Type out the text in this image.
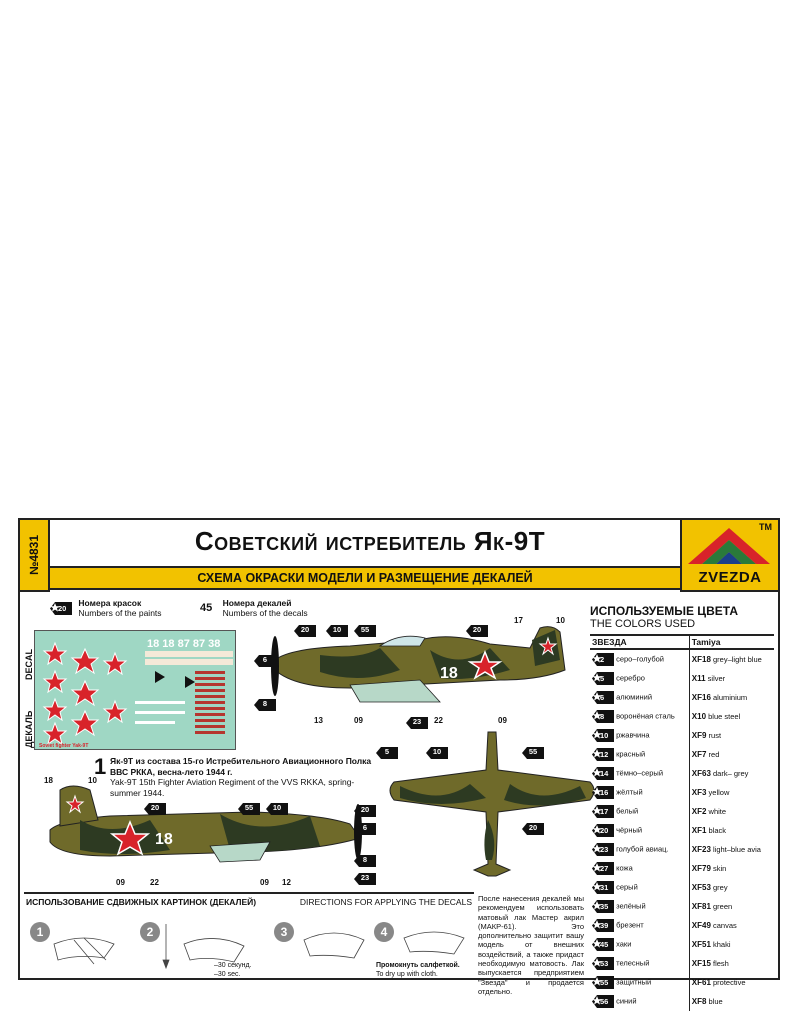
№4831	Советский истребитель Як-9Т
СХЕМА ОКРАСКИ МОДЕЛИ И РАЗМЕЩЕНИЕ ДЕКАЛЕЙ
TM
ZVEZDA
20 Номера красок
Numbers of the paints	45 Номера декалей
Numbers of the decals
DECAL
ДЕКАЛЬ
18 18 87 87 38
Soviet fighter Yak-9T
1 Як-9Т из состава 15-го Истребительного Авиационного Полка ВВС РККА, весна-лето 1944 г.
Yak-9T 15th Fighter Aviation Regiment of the VVS RKKA, spring-summer 1944.
18
18
6
8
20	10	55	20
23
13	09	22	09
17	10
20	55	10	20
6
8
23
18	10
09	22	09 12
5	10	55
20
ИСПОЛЬЗУЕМЫЕ ЦВЕТА
THE COLORS USED
ЗВЕЗДА	Tamiya

2 серо–голубой	XF18 grey–light blue

5 серебро	X11 silver

6 алюминий	XF16 aluminium

8 воронёная сталь	X10 blue steel

10 ржавчина	XF9 rust

12 красный	XF7 red

14 тёмно–серый	XF63 dark– grey

16 жёлтый	XF3 yellow

17 белый	XF2 white

20 чёрный	XF1 black

23 голубой авиац.	XF23 light–blue avia

27 кожа	XF79 skin

31 серый	XF53 grey

35 зелёный	XF81 green

39 брезент	XF49 canvas

45 хаки	XF51 khaki

53 телесный	XF15 flesh

55 защитный	XF61 protective

56 синий	XF8 blue
ИСПОЛЬЗОВАНИЕ СДВИЖНЫХ КАРТИНОК (ДЕКАЛЕЙ)	DIRECTIONS FOR APPLYING THE DECALS
1	2	3	4
–30 секунд.
–30 sec.
Промокнуть салфеткой.
To dry up with cloth.
После нанесения декалей мы рекомендуем использовать матовый лак Мастер акрил (МАКР-61). Это дополнительно защитит вашу модель от внешних воздействий, а также придаст необходимую матовость. Лак выпускается предприятием "Звезда" и продается отдельно.
